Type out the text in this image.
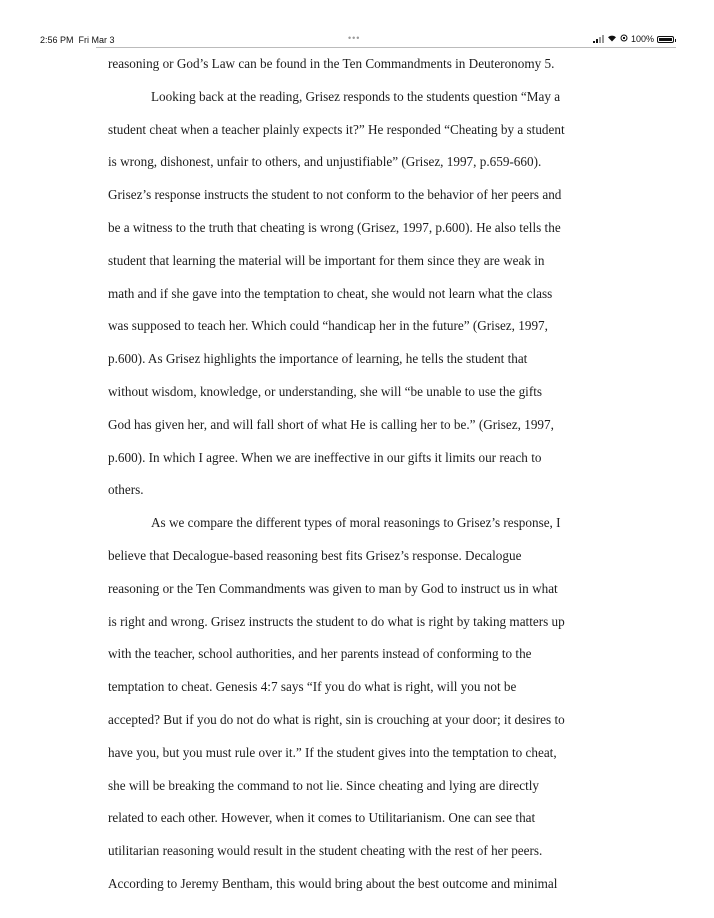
2:56 PM Fri Mar 3	•••	100%
reasoning or God’s Law can be found in the Ten Commandments in Deuteronomy 5.
Looking back at the reading, Grisez responds to the students question “May a
student cheat when a teacher plainly expects it?” He responded “Cheating by a student
is wrong, dishonest, unfair to others, and unjustifiable” (Grisez, 1997, p.659-660).
Grisez’s response instructs the student to not conform to the behavior of her peers and
be a witness to the truth that cheating is wrong (Grisez, 1997, p.600). He also tells the
student that learning the material will be important for them since they are weak in
math and if she gave into the temptation to cheat, she would not learn what the class
was supposed to teach her. Which could “handicap her in the future” (Grisez, 1997,
p.600). As Grisez highlights the importance of learning, he tells the student that
without wisdom, knowledge, or understanding, she will “be unable to use the gifts
God has given her, and will fall short of what He is calling her to be.” (Grisez, 1997,
p.600). In which I agree. When we are ineffective in our gifts it limits our reach to
others.
As we compare the different types of moral reasonings to Grisez’s response, I
believe that Decalogue-based reasoning best fits Grisez’s response. Decalogue
reasoning or the Ten Commandments was given to man by God to instruct us in what
is right and wrong. Grisez instructs the student to do what is right by taking matters up
with the teacher, school authorities, and her parents instead of conforming to the
temptation to cheat. Genesis 4:7 says “If you do what is right, will you not be
accepted? But if you do not do what is right, sin is crouching at your door; it desires to
have you, but you must rule over it.” If the student gives into the temptation to cheat,
she will be breaking the command to not lie. Since cheating and lying are directly
related to each other. However, when it comes to Utilitarianism. One can see that
utilitarian reasoning would result in the student cheating with the rest of her peers.
According to Jeremy Bentham, this would bring about the best outcome and minimal
